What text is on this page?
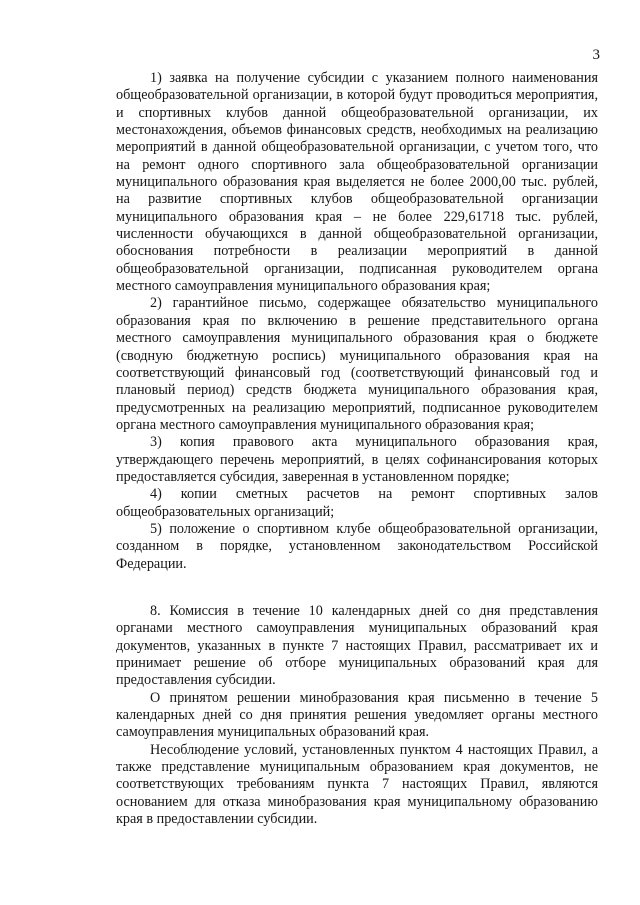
3

1) заявка на получение субсидии с указанием полного наименования общеобразовательной организации, в которой будут проводиться мероприятия, и спортивных клубов данной общеобразовательной организации, их местонахождения, объемов финансовых средств, необходимых на реализацию мероприятий в данной общеобразовательной организации, с учетом того, что на ремонт одного спортивного зала общеобразовательной организации муниципального образования края выделяется не более 2000,00 тыс. рублей, на развитие спортивных клубов общеобразовательной организации муниципального образования края – не более 229,61718 тыс. рублей, численности обучающихся в данной общеобразовательной организации, обоснования потребности в реализации мероприятий в данной общеобразовательной организации, подписанная руководителем органа местного самоуправления муниципального образования края;

2) гарантийное письмо, содержащее обязательство муниципального образования края по включению в решение представительного органа местного самоуправления муниципального образования края о бюджете (сводную бюджетную роспись) муниципального образования края на соответствующий финансовый год (соответствующий финансовый год и плановый период) средств бюджета муниципального образования края, предусмотренных на реализацию мероприятий, подписанное руководителем органа местного самоуправления муниципального образования края;

3) копия правового акта муниципального образования края, утверждающего перечень мероприятий, в целях софинансирования которых предоставляется субсидия, заверенная в установленном порядке;

4) копии сметных расчетов на ремонт спортивных залов общеобразовательных организаций;

5) положение о спортивном клубе общеобразовательной организации, созданном в порядке, установленном законодательством Российской Федерации.

8. Комиссия в течение 10 календарных дней со дня представления органами местного самоуправления муниципальных образований края документов, указанных в пункте 7 настоящих Правил, рассматривает их и принимает решение об отборе муниципальных образований края для предоставления субсидии.

О принятом решении минобразования края письменно в течение 5 календарных дней со дня принятия решения уведомляет органы местного самоуправления муниципальных образований края.

Несоблюдение условий, установленных пунктом 4 настоящих Правил, а также представление муниципальным образованием края документов, не соответствующих требованиям пункта 7 настоящих Правил, являются основанием для отказа минобразования края муниципальному образованию края в предоставлении субсидии.
